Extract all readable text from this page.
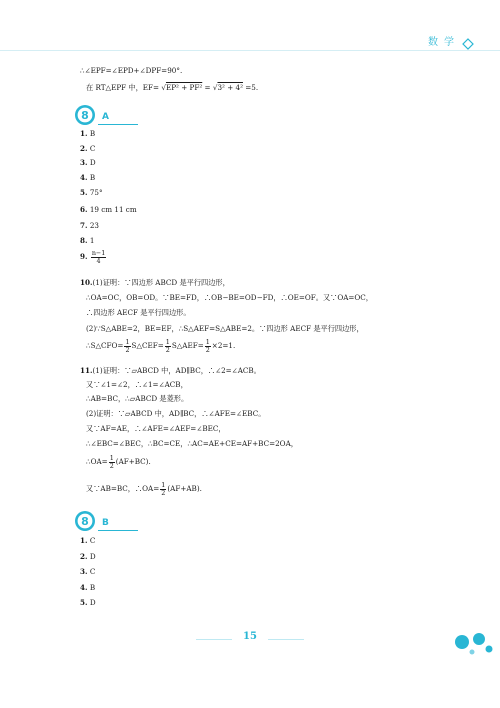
数学
∴∠EPF=∠EPD+∠DPF=90°.
在 RT△EPF 中，EF= √EP² + PF² = √3² + 4² =5.
8 A
1. B
2. C
3. D
4. B
5. 75°
6. 19 cm 11 cm
7. 23
8. 1
9. $\frac{n-1}{4}$
10.(1)证明：∵四边形 ABCD 是平行四边形，
∴OA=OC，OB=OD。∵BE=FD，∴OB−BE=OD−FD，∴OE=OF。又∵OA=OC，
∴四边形 AECF 是平行四边形。
(2)∵S△ABE=2，BE=EF，∴S△AEF=S△ABE=2。∵四边形 AECF 是平行四边形，
∴S△CFO= $\frac{1}{2}$ S△CEF= $\frac{1}{2}$ S△AEF= $\frac{1}{2} \times 2=1$.
11.(1)证明：∵▱ABCD 中，AD∥BC，∴∠2=∠ACB。
又∵∠1=∠2，∴∠1=∠ACB，
∴AB=BC，∴▱ABCD 是菱形。
(2)证明：∵▱ABCD 中，AD∥BC，∴∠AFE=∠EBC。
又∵AF=AE，∴∠AFE=∠AEF=∠BEC，
∴∠EBC=∠BEC，∴BC=CE，∴AC=AE+CE=AF+BC=2OA，
∴OA= $\frac{1}{2} (AF+BC)$.
又∵AB=BC，∴OA= $\frac{1}{2} (AF+AB)$.
8 B
1. C
2. D
3. C
4. B
5. D
15
